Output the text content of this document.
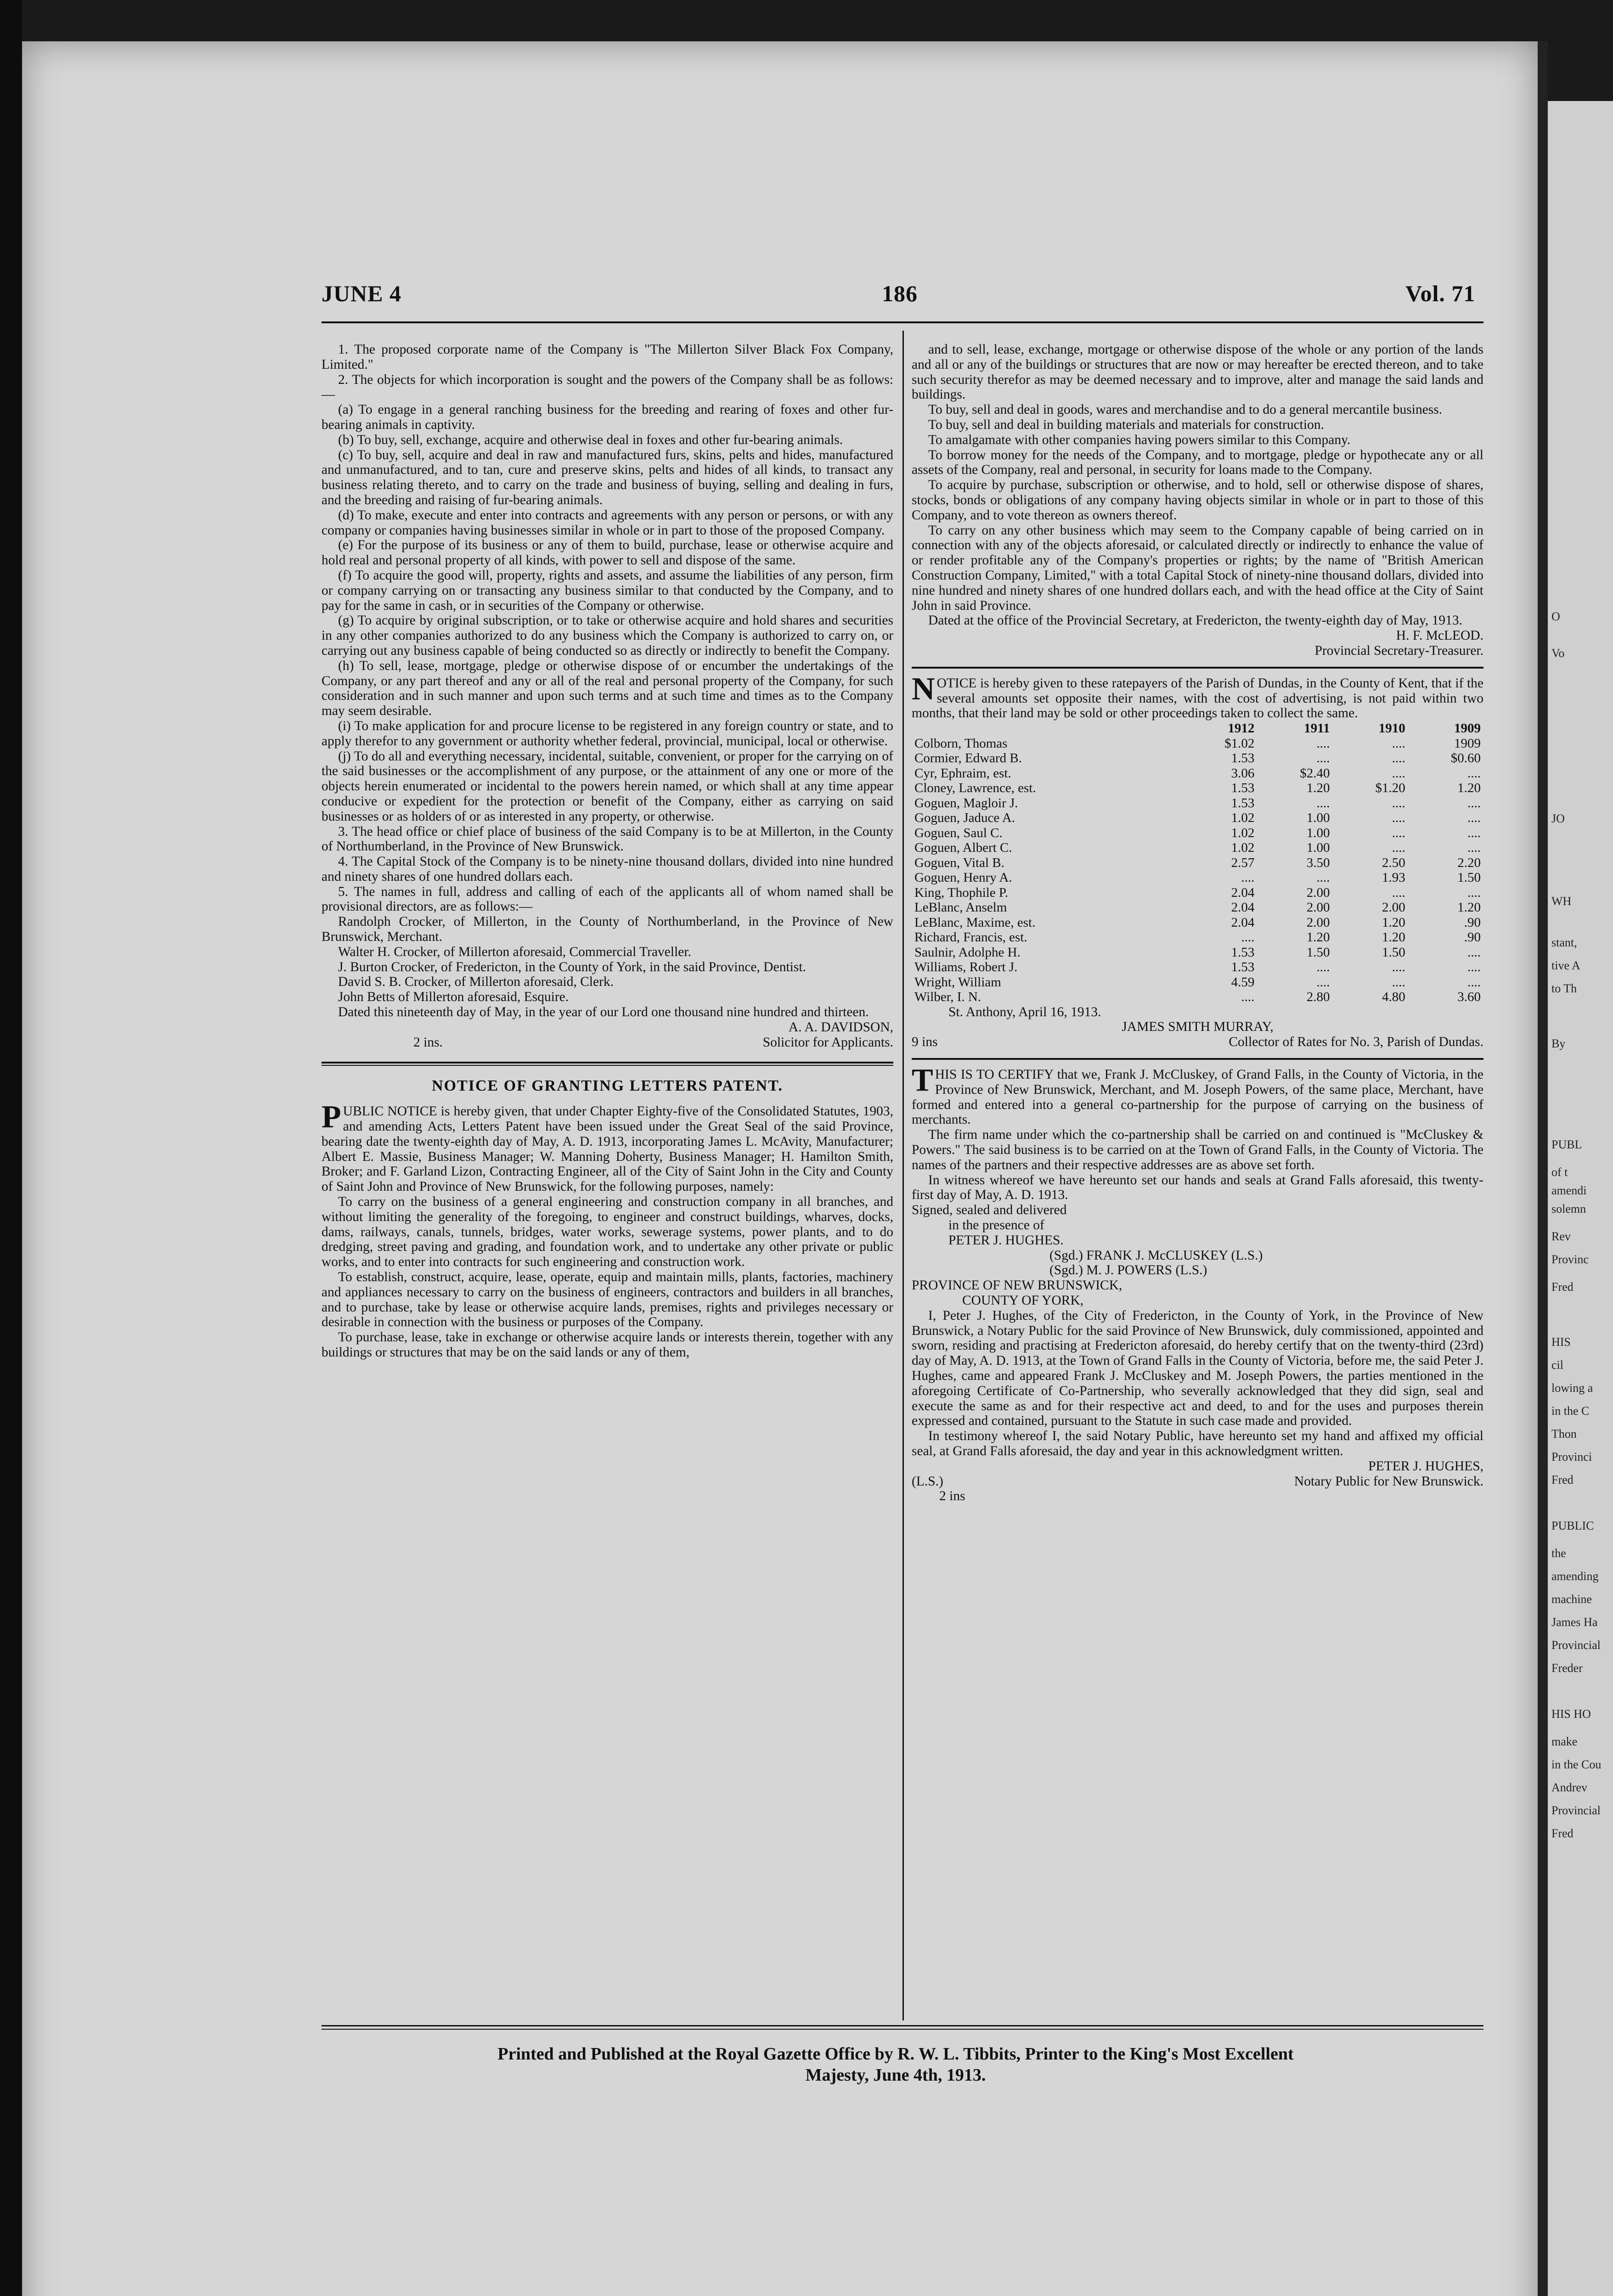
O
Vo
JO
WH
stant,
tive A
to Th
By
PUBL
of t
amendi
solemn
Rev
Provinc
Fred
HIS
cil
lowing a
in the C
Thon
Provinci
Fred
PUBLIC
the
amending
machine
James Ha
Provincial
Freder
HIS HO
make
in the Cou
Andrev
Provincial
Fred
JUNE 4	186	Vol. 71

1. The proposed corporate name of the Company is "The Millerton Silver Black Fox Company, Limited."

2. The objects for which incorporation is sought and the powers of the Company shall be as follows:—

(a) To engage in a general ranching business for the breeding and rearing of foxes and other fur-bearing animals in captivity.

(b) To buy, sell, exchange, acquire and otherwise deal in foxes and other fur-bearing animals.

(c) To buy, sell, acquire and deal in raw and manufactured furs, skins, pelts and hides, manufactured and unmanufactured, and to tan, cure and preserve skins, pelts and hides of all kinds, to transact any business relating thereto, and to carry on the trade and business of buying, selling and dealing in furs, and the breeding and raising of fur-bearing animals.

(d) To make, execute and enter into contracts and agreements with any person or persons, or with any company or companies having businesses similar in whole or in part to those of the proposed Company.

(e) For the purpose of its business or any of them to build, purchase, lease or otherwise acquire and hold real and personal property of all kinds, with power to sell and dispose of the same.

(f) To acquire the good will, property, rights and assets, and assume the liabilities of any person, firm or company carrying on or transacting any business similar to that conducted by the Company, and to pay for the same in cash, or in securities of the Company or otherwise.

(g) To acquire by original subscription, or to take or otherwise acquire and hold shares and securities in any other companies authorized to do any business which the Company is authorized to carry on, or carrying out any business capable of being conducted so as directly or indirectly to benefit the Company.

(h) To sell, lease, mortgage, pledge or otherwise dispose of or encumber the undertakings of the Company, or any part thereof and any or all of the real and personal property of the Company, for such consideration and in such manner and upon such terms and at such time and times as to the Company may seem desirable.

(i) To make application for and procure license to be registered in any foreign country or state, and to apply therefor to any government or authority whether federal, provincial, municipal, local or otherwise.

(j) To do all and everything necessary, incidental, suitable, convenient, or proper for the carrying on of the said businesses or the accomplishment of any purpose, or the attainment of any one or more of the objects herein enumerated or incidental to the powers herein named, or which shall at any time appear conducive or expedient for the protection or benefit of the Company, either as carrying on said businesses or as holders of or as interested in any property, or otherwise.

3. The head office or chief place of business of the said Company is to be at Millerton, in the County of Northumberland, in the Province of New Brunswick.

4. The Capital Stock of the Company is to be ninety-nine thousand dollars, divided into nine hundred and ninety shares of one hundred dollars each.

5. The names in full, address and calling of each of the applicants all of whom named shall be provisional directors, are as follows:—

Randolph Crocker, of Millerton, in the County of Northumberland, in the Province of New Brunswick, Merchant.

Walter H. Crocker, of Millerton aforesaid, Commercial Traveller.

J. Burton Crocker, of Fredericton, in the County of York, in the said Province, Dentist.

David S. B. Crocker, of Millerton aforesaid, Clerk.

John Betts of Millerton aforesaid, Esquire.

Dated this nineteenth day of May, in the year of our Lord one thousand nine hundred and thirteen.

A. A. DAVIDSON,
2 ins.	Solicitor for Applicants.
NOTICE OF GRANTING LETTERS PATENT.

PUBLIC NOTICE is hereby given, that under Chapter Eighty-five of the Consolidated Statutes, 1903, and amending Acts, Letters Patent have been issued under the Great Seal of the said Province, bearing date the twenty-eighth day of May, A. D. 1913, incorporating James L. McAvity, Manufacturer; Albert E. Massie, Business Manager; W. Manning Doherty, Business Manager; H. Hamilton Smith, Broker; and F. Garland Lizon, Contracting Engineer, all of the City of Saint John in the City and County of Saint John and Province of New Brunswick, for the following purposes, namely:

To carry on the business of a general engineering and construction company in all branches, and without limiting the generality of the foregoing, to engineer and construct buildings, wharves, docks, dams, railways, canals, tunnels, bridges, water works, sewerage systems, power plants, and to do dredging, street paving and grading, and foundation work, and to undertake any other private or public works, and to enter into contracts for such engineering and construction work.

To establish, construct, acquire, lease, operate, equip and maintain mills, plants, factories, machinery and appliances necessary to carry on the business of engineers, contractors and builders in all branches, and to purchase, take by lease or otherwise acquire lands, premises, rights and privileges necessary or desirable in connection with the business or purposes of the Company.

To purchase, lease, take in exchange or otherwise acquire lands or interests therein, together with any buildings or structures that may be on the said lands or any of them,

and to sell, lease, exchange, mortgage or otherwise dispose of the whole or any portion of the lands and all or any of the buildings or structures that are now or may hereafter be erected thereon, and to take such security therefor as may be deemed necessary and to improve, alter and manage the said lands and buildings.

To buy, sell and deal in goods, wares and merchandise and to do a general mercantile business.

To buy, sell and deal in building materials and materials for construction.

To amalgamate with other companies having powers similar to this Company.

To borrow money for the needs of the Company, and to mortgage, pledge or hypothecate any or all assets of the Company, real and personal, in security for loans made to the Company.

To acquire by purchase, subscription or otherwise, and to hold, sell or otherwise dispose of shares, stocks, bonds or obligations of any company having objects similar in whole or in part to those of this Company, and to vote thereon as owners thereof.

To carry on any other business which may seem to the Company capable of being carried on in connection with any of the objects aforesaid, or calculated directly or indirectly to enhance the value of or render profitable any of the Company's properties or rights; by the name of "British American Construction Company, Limited," with a total Capital Stock of ninety-nine thousand dollars, divided into nine hundred and ninety shares of one hundred dollars each, and with the head office at the City of Saint John in said Province.

Dated at the office of the Provincial Secretary, at Fredericton, the twenty-eighth day of May, 1913.

H. F. McLEOD.
Provincial Secretary-Treasurer.

NOTICE is hereby given to these ratepayers of the Parish of Dundas, in the County of Kent, that if the several amounts set opposite their names, with the cost of advertising, is not paid within two months, that their land may be sold or other proceedings taken to collect the same.

	1912	1911	1910	1909
Colborn, Thomas	$1.02	....	....	1909
Cormier, Edward B.	1.53	....	....	$0.60
Cyr, Ephraim, est.	3.06	$2.40	....	....
Cloney, Lawrence, est.	1.53	1.20	$1.20	1.20
Goguen, Magloir J.	1.53	....	....	....
Goguen, Jaduce A.	1.02	1.00	....	....
Goguen, Saul C.	1.02	1.00	....	....
Goguen, Albert C.	1.02	1.00	....	....
Goguen, Vital B.	2.57	3.50	2.50	2.20
Goguen, Henry A.	....	....	1.93	1.50
King, Thophile P.	2.04	2.00	....	....
LeBlanc, Anselm	2.04	2.00	2.00	1.20
LeBlanc, Maxime, est.	2.04	2.00	1.20	.90
Richard, Francis, est.	....	1.20	1.20	.90
Saulnir, Adolphe H.	1.53	1.50	1.50	....
Williams, Robert J.	1.53	....	....	....
Wright, William	4.59	....	....	....
Wilber, I. N.	....	2.80	4.80	3.60
St. Anthony, April 16, 1913.
JAMES SMITH MURRAY,
9 ins	Collector of Rates for No. 3, Parish of Dundas.

THIS IS TO CERTIFY that we, Frank J. McCluskey, of Grand Falls, in the County of Victoria, in the Province of New Brunswick, Merchant, and M. Joseph Powers, of the same place, Merchant, have formed and entered into a general co-partnership for the purpose of carrying on the business of merchants.

The firm name under which the co-partnership shall be carried on and continued is "McCluskey & Powers." The said business is to be carried on at the Town of Grand Falls, in the County of Victoria. The names of the partners and their respective addresses are as above set forth.

In witness whereof we have hereunto set our hands and seals at Grand Falls aforesaid, this twenty-first day of May, A. D. 1913.

Signed, sealed and delivered
in the presence of
PETER J. HUGHES.
(Sgd.) FRANK J. McCLUSKEY (L.S.)
(Sgd.) M. J. POWERS (L.S.)
PROVINCE OF NEW BRUNSWICK,
COUNTY OF YORK,

I, Peter J. Hughes, of the City of Fredericton, in the County of York, in the Province of New Brunswick, a Notary Public for the said Province of New Brunswick, duly commissioned, appointed and sworn, residing and practising at Fredericton aforesaid, do hereby certify that on the twenty-third (23rd) day of May, A. D. 1913, at the Town of Grand Falls in the County of Victoria, before me, the said Peter J. Hughes, came and appeared Frank J. McCluskey and M. Joseph Powers, the parties mentioned in the aforegoing Certificate of Co-Partnership, who severally acknowledged that they did sign, seal and execute the same as and for their respective act and deed, to and for the uses and purposes therein expressed and contained, pursuant to the Statute in such case made and provided.

In testimony whereof I, the said Notary Public, have hereunto set my hand and affixed my official seal, at Grand Falls aforesaid, the day and year in this acknowledgment written.

PETER J. HUGHES,
(L.S.)	Notary Public for New Brunswick.
2 ins
Printed and Published at the Royal Gazette Office by R. W. L. Tibbits, Printer to the King's Most Excellent
Majesty, June 4th, 1913.
